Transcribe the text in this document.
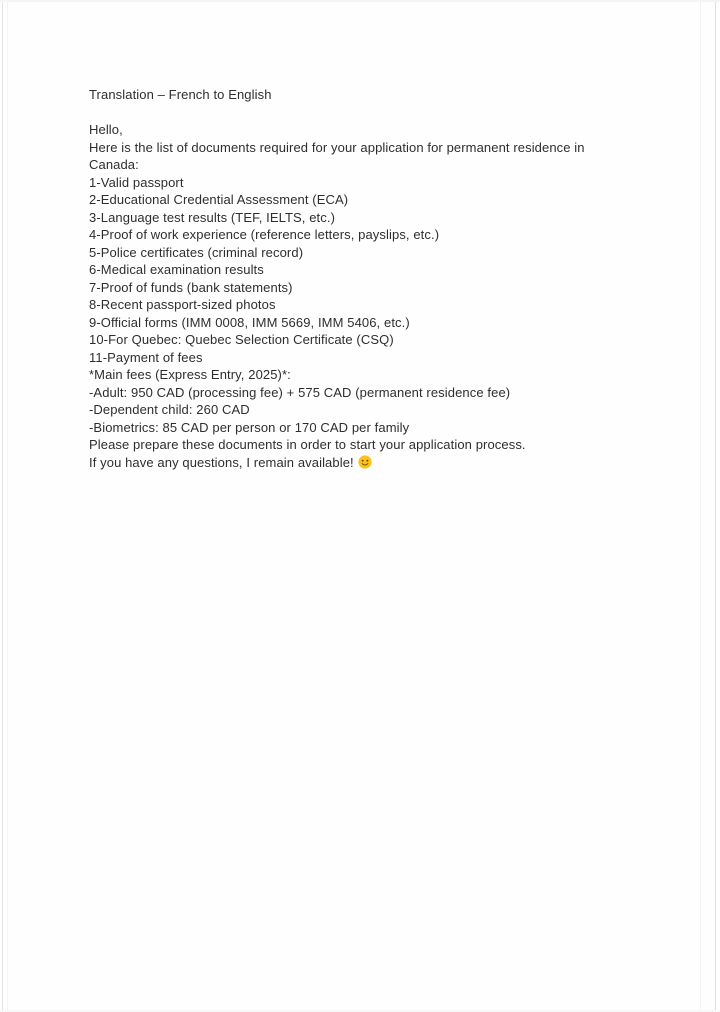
Translation – French to English

Hello,
Here is the list of documents required for your application for permanent residence in
Canada:
1-Valid passport
2-Educational Credential Assessment (ECA)
3-Language test results (TEF, IELTS, etc.)
4-Proof of work experience (reference letters, payslips, etc.)
5-Police certificates (criminal record)
6-Medical examination results
7-Proof of funds (bank statements)
8-Recent passport-sized photos
9-Official forms (IMM 0008, IMM 5669, IMM 5406, etc.)
10-For Quebec: Quebec Selection Certificate (CSQ)
11-Payment of fees
*Main fees (Express Entry, 2025)*:
-Adult: 950 CAD (processing fee) + 575 CAD (permanent residence fee)
-Dependent child: 260 CAD
-Biometrics: 85 CAD per person or 170 CAD per family
Please prepare these documents in order to start your application process.
If you have any questions, I remain available!
